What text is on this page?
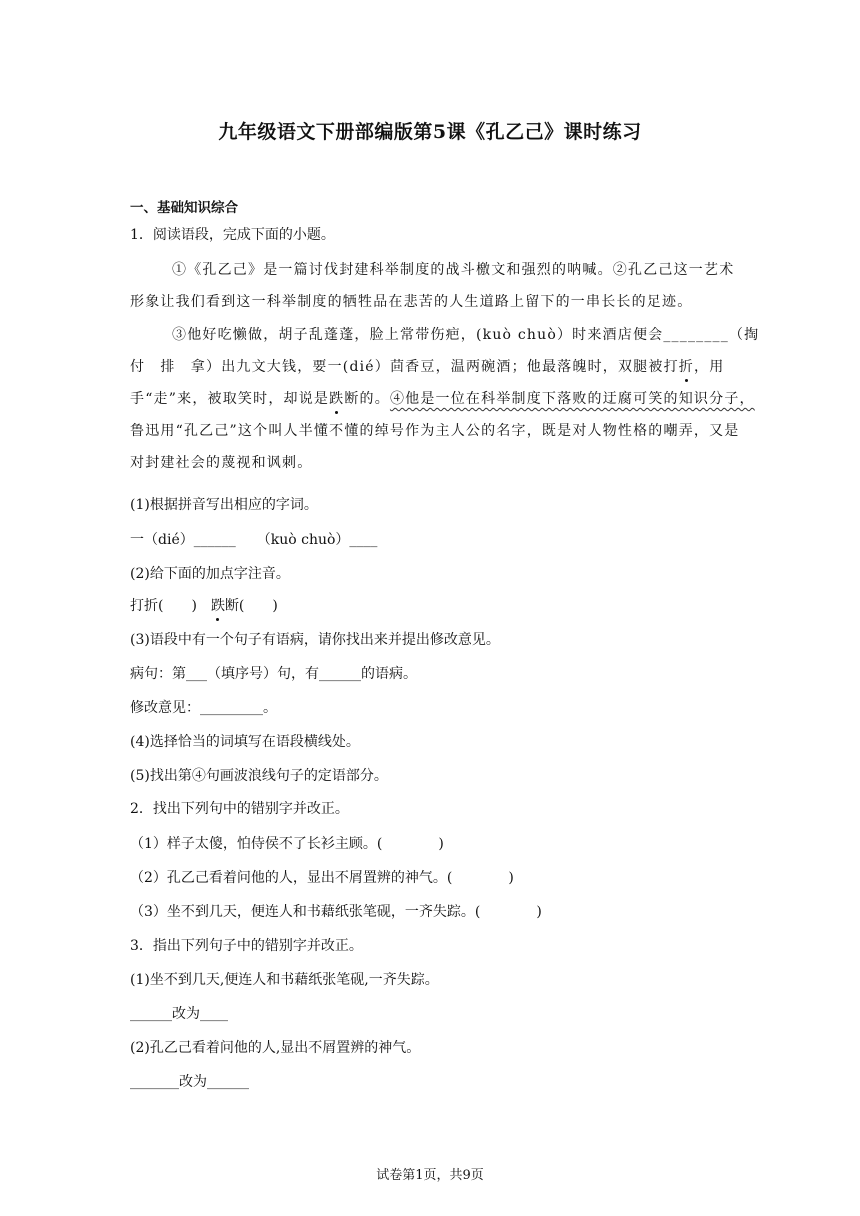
九年级语文下册部编版第5课《孔乙己》课时练习
一、基础知识综合
1．阅读语段，完成下面的小题。
①《孔乙己》是一篇讨伐封建科举制度的战斗檄文和强烈的呐喊。②孔乙己这一艺术
形象让我们看到这一科举制度的牺牲品在悲苦的人生道路上留下的一串长长的足迹。
③他好吃懒做，胡子乱蓬蓬，脸上常带伤疤，(kuò chuò）时来酒店便会________（掏
付　排　拿）出九文大钱，要一(dié）茴香豆，温两碗酒；他最落魄时，双腿被打折，用
手“走”来，被取笑时，却说是跌断的。④他是一位在科举制度下落败的迂腐可笑的知识分子，
鲁迅用“孔乙己”这个叫人半懂不懂的绰号作为主人公的名字，既是对人物性格的嘲弄，又是
对封建社会的蔑视和讽刺。
(1)根据拼音写出相应的字词。
一（dié）______　　（kuò chuò）____
(2)给下面的加点字注音。
打折(　　)　跌断(　　)
(3)语段中有一个句子有语病，请你找出来并提出修改意见。
病句：第___（填序号）句，有______的语病。
修改意见：_________。
(4)选择恰当的词填写在语段横线处。
(5)找出第④句画波浪线句子的定语部分。
2．找出下列句中的错别字并改正。
（1）样子太傻，怕侍侯不了长衫主顾。(　　　　)
（2）孔乙己看着问他的人，显出不屑置辨的神气。(　　　　)
（3）坐不到几天，便连人和书藉纸张笔砚，一齐失踪。(　　　　)
3．指出下列句子中的错别字并改正。
(1)坐不到几天,便连人和书藉纸张笔砚,一齐失踪。
______改为____
(2)孔乙己看着问他的人,显出不屑置辨的神气。
_______改为______
试卷第1页，共9页
